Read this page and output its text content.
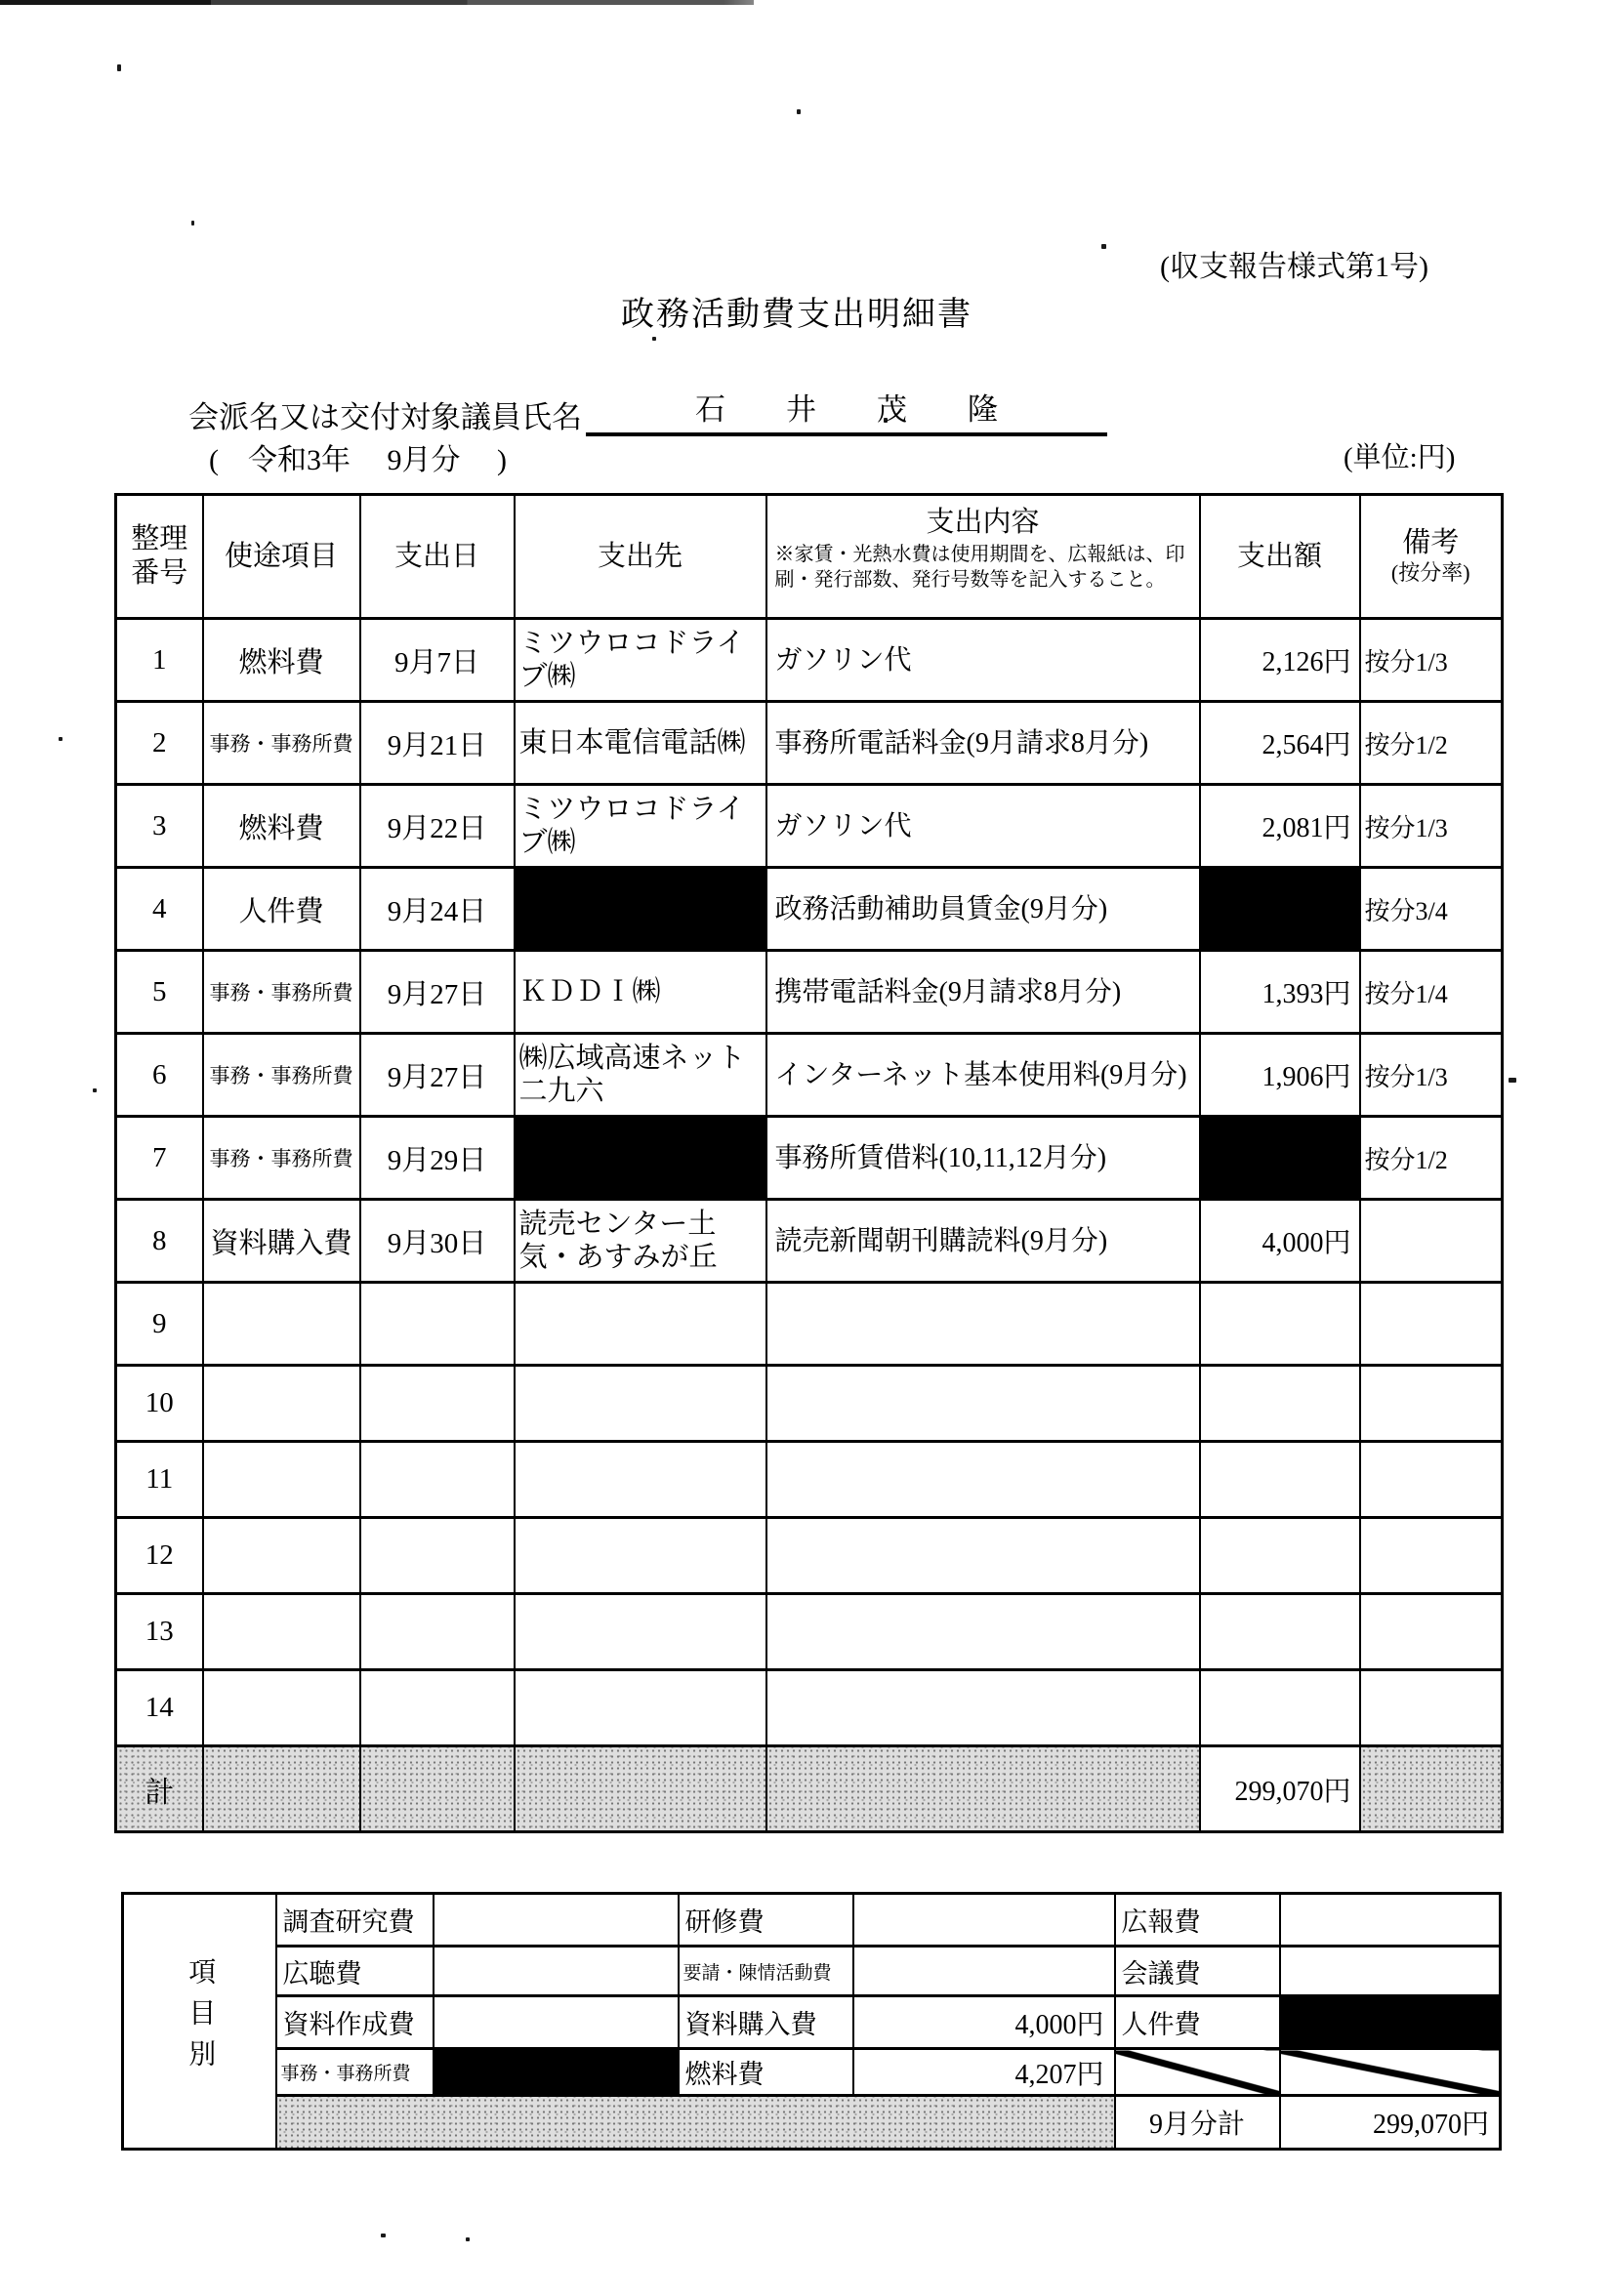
(収支報告様式第1号)
政務活動費支出明細書
会派名又は交付対象議員氏名	石　　井　　茂　　隆
(　令和3年　 9月分　 )	(単位:円)
整理番号	使途項目	支出日	支出先	
支出内容
※家賃・光熱水費は使用期間を、広報紙は、印刷・発行部数、発行号数等を記入すること。
	支出額	備考
(按分率)

1	燃料費	9月7日	ミツウロコドライブ㈱	ガソリン代	2,126円	按分1/3
2	事務・事務所費	9月21日	東日本電信電話㈱	事務所電話料金(9月請求8月分)	2,564円	按分1/2
3	燃料費	9月22日	ミツウロコドライブ㈱	ガソリン代	2,081円	按分1/3
4	人件費	9月24日		政務活動補助員賃金(9月分)		按分3/4
5	事務・事務所費	9月27日	ＫＤＤＩ㈱	携帯電話料金(9月請求8月分)	1,393円	按分1/4
6	事務・事務所費	9月27日	㈱広域高速ネット二九六	インターネット基本使用料(9月分)	1,906円	按分1/3
7	事務・事務所費	9月29日		事務所賃借料(10,11,12月分)		按分1/2
8	資料購入費	9月30日	読売センター土気・あすみが丘	読売新聞朝刊購読料(9月分)	4,000円	
9						
10						
11						
12						
13						
14						
計					299,070円	
項目別	調査研究費		研修費		広報費	
	広聴費		要請・陳情活動費		会議費	
	資料作成費		資料購入費	4,000円	人件費	
	事務・事務所費		燃料費	4,207円		
					9月分計	299,070円
